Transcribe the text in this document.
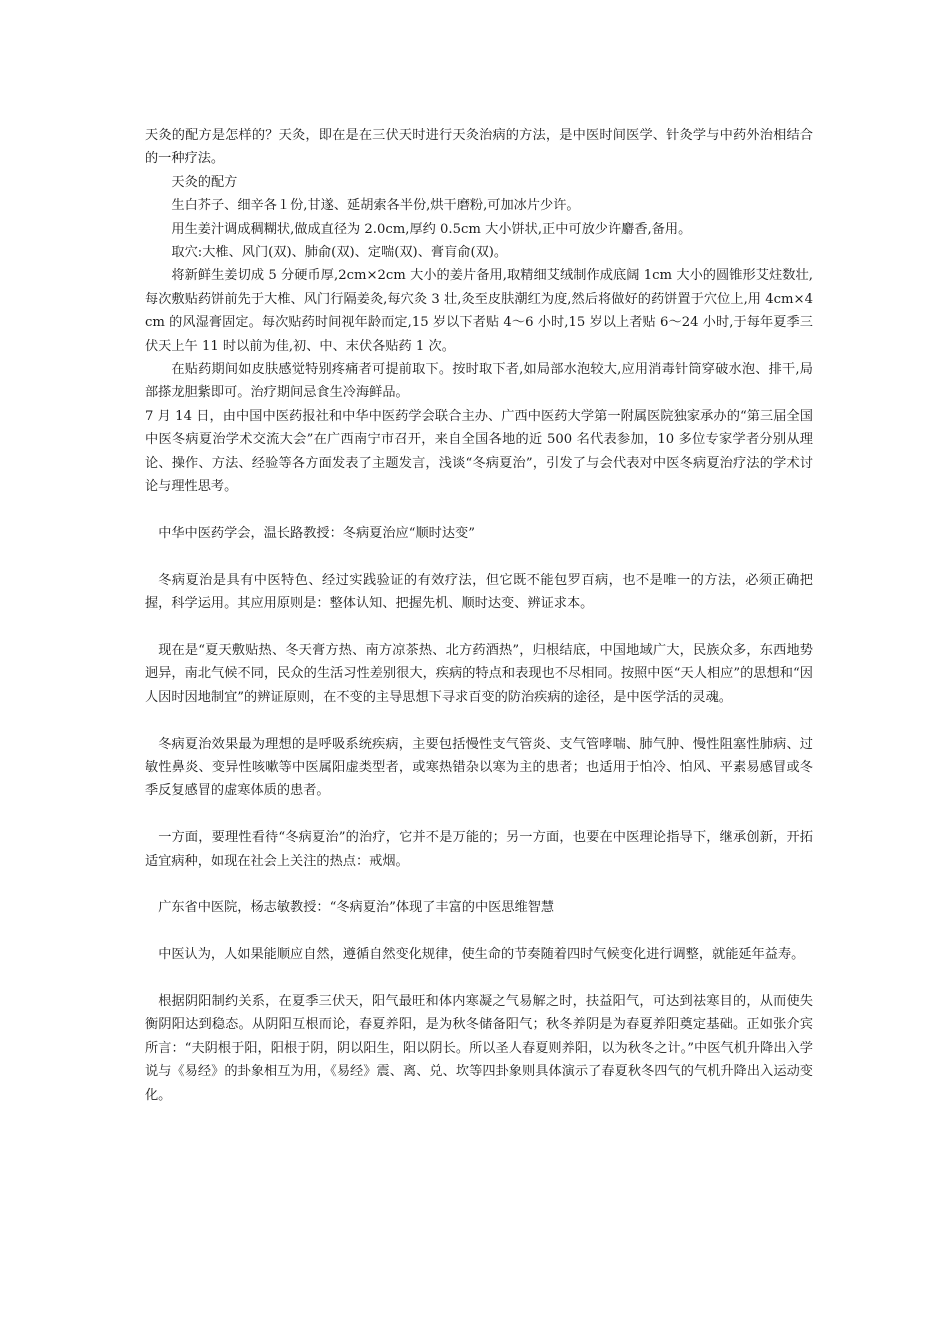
天灸的配方是怎样的？天灸，即在是在三伏天时进行天灸治病的方法，是中医时间医学、针灸学与中药外治相结合的一种疗法。

天灸的配方

生白芥子、细辛各１份,甘遂、延胡索各半份,烘干磨粉,可加冰片少许。

用生姜汁调成稠糊状,做成直径为 2.0cm,厚约 0.5cm 大小饼状,正中可放少许麝香,备用。

取穴:大椎、风门(双)、肺俞(双)、定喘(双)、膏肓俞(双)。

将新鲜生姜切成 5 分硬币厚,2cm×2cm 大小的姜片备用,取精细艾绒制作成底阔 1cm 大小的圆锥形艾炷数壮,每次敷贴药饼前先于大椎、风门行隔姜灸,每穴灸 3 壮,灸至皮肤潮红为度,然后将做好的药饼置于穴位上,用 4cm×4cm 的风湿膏固定。每次贴药时间视年龄而定,15 岁以下者贴 4～6 小时,15 岁以上者贴 6～24 小时,于每年夏季三伏天上午 11 时以前为佳,初、中、末伏各贴药 1 次。

在贴药期间如皮肤感觉特别疼痛者可提前取下。按时取下者,如局部水泡较大,应用消毒针筒穿破水泡、排干,局部搽龙胆紫即可。治疗期间忌食生冷海鲜品。

7 月 14 日，由中国中医药报社和中华中医药学会联合主办、广西中医药大学第一附属医院独家承办的“第三届全国中医冬病夏治学术交流大会”在广西南宁市召开，来自全国各地的近 500 名代表参加，10 多位专家学者分别从理论、操作、方法、经验等各方面发表了主题发言，浅谈“冬病夏治”，引发了与会代表对中医冬病夏治疗法的学术讨论与理性思考。

中华中医药学会，温长路教授：冬病夏治应“顺时达变”

冬病夏治是具有中医特色、经过实践验证的有效疗法，但它既不能包罗百病，也不是唯一的方法，必须正确把握，科学运用。其应用原则是：整体认知、把握先机、顺时达变、辨证求本。

现在是“夏天敷贴热、冬天膏方热、南方凉茶热、北方药酒热”，归根结底，中国地域广大，民族众多，东西地势迥异，南北气候不同，民众的生活习性差别很大，疾病的特点和表现也不尽相同。按照中医“天人相应”的思想和“因人因时因地制宜”的辨证原则，在不变的主导思想下寻求百变的防治疾病的途径，是中医学活的灵魂。

冬病夏治效果最为理想的是呼吸系统疾病，主要包括慢性支气管炎、支气管哮喘、肺气肿、慢性阻塞性肺病、过敏性鼻炎、变异性咳嗽等中医属阳虚类型者，或寒热错杂以寒为主的患者；也适用于怕冷、怕风、平素易感冒或冬季反复感冒的虚寒体质的患者。

一方面，要理性看待“冬病夏治”的治疗，它并不是万能的；另一方面，也要在中医理论指导下，继承创新，开拓适宜病种，如现在社会上关注的热点：戒烟。

广东省中医院，杨志敏教授：“冬病夏治”体现了丰富的中医思维智慧

中医认为，人如果能顺应自然，遵循自然变化规律，使生命的节奏随着四时气候变化进行调整，就能延年益寿。

根据阴阳制约关系，在夏季三伏天，阳气最旺和体内寒凝之气易解之时，扶益阳气，可达到祛寒目的，从而使失衡阴阳达到稳态。从阴阳互根而论，春夏养阳，是为秋冬储备阳气；秋冬养阴是为春夏养阳奠定基础。正如张介宾所言：“夫阴根于阳，阳根于阴，阴以阳生，阳以阴长。所以圣人春夏则养阳，以为秋冬之计。”中医气机升降出入学说与《易经》的卦象相互为用，《易经》震、离、兑、坎等四卦象则具体演示了春夏秋冬四气的气机升降出入运动变化。
